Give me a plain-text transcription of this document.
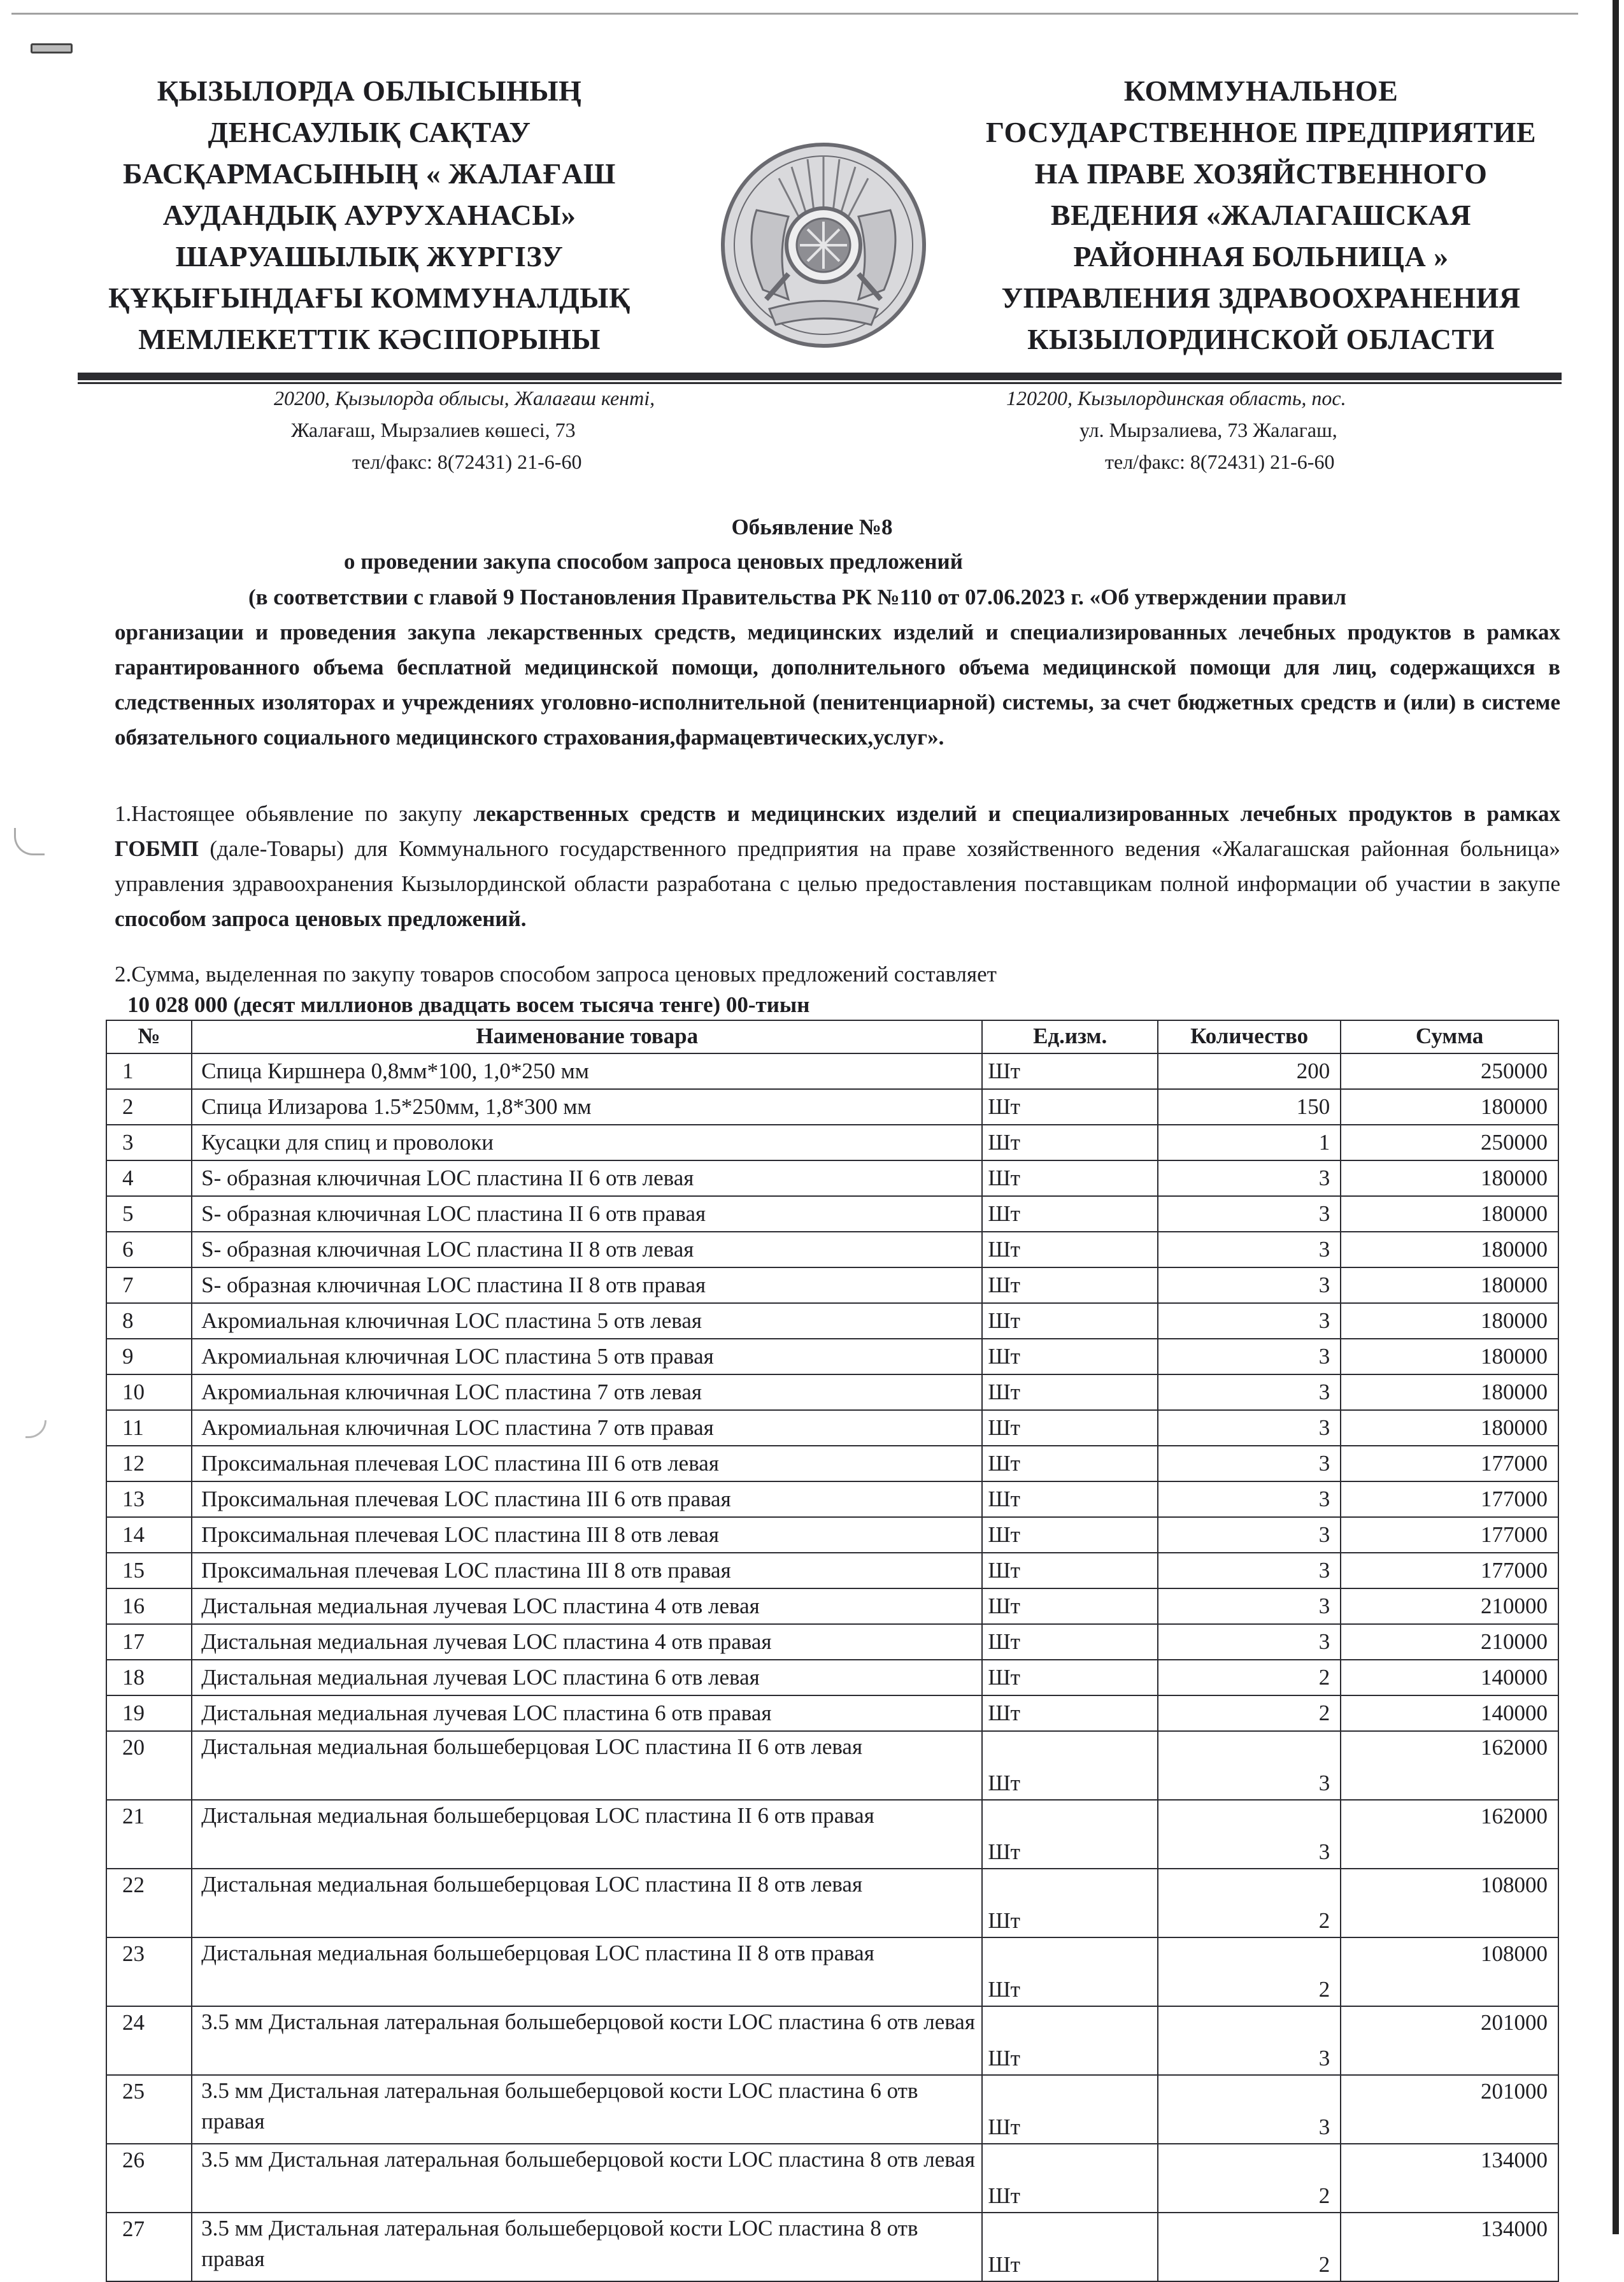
ҚЫЗЫЛОРДА ОБЛЫСЫНЫҢ
ДЕНСАУЛЫҚ САҚТАУ
БАСҚАРМАСЫНЫҢ « ЖАЛАҒАШ
АУДАНДЫҚ АУРУХАНАСЫ»
ШАРУАШЫЛЫҚ ЖҮРГІЗУ
ҚҰҚЫҒЫНДАҒЫ КОММУНАЛДЫҚ
МЕМЛЕКЕТТІК КӘСІПОРЫНЫ
КОММУНАЛЬНОЕ
ГОСУДАРСТВЕННОЕ ПРЕДПРИЯТИЕ
НА ПРАВЕ ХОЗЯЙСТВЕННОГО
ВЕДЕНИЯ «ЖАЛАГАШСКАЯ
РАЙОННАЯ БОЛЬНИЦА »
УПРАВЛЕНИЯ ЗДРАВООХРАНЕНИЯ
КЫЗЫЛОРДИНСКОЙ ОБЛАСТИ
20200, Қызылорда облысы, Жалағаш кенті,
Жалағаш, Мырзалиев көшесі, 73
тел/факс: 8(72431) 21-6-60
120200, Кызылординская область, пос.
ул. Мырзалиева, 73 Жалагаш,
тел/факс: 8(72431) 21-6-60
Обьявление №8
о проведении закупа способом запроса ценовых предложений
(в соответствии с главой 9 Постановления Правительства РК №110 от 07.06.2023 г. «Об утверждении правил
организации и проведения закупа лекарственных средств, медицинских изделий и специализированных лечебных продуктов в рамках гарантированного объема бесплатной медицинской помощи, дополнительного объема медицинской помощи для лиц, содержащихся в следственных изоляторах и учреждениях уголовно-исполнительной (пенитенциарной) системы, за счет бюджетных средств и (или) в системе обязательного социального медицинского страхования,фармацевтических,услуг».
1.Настоящее обьявление по закупу лекарственных средств и медицинских изделий и специализированных лечебных продуктов в рамках ГОБМП (дале-Товары) для Коммунального государственного предприятия на праве хозяйственного ведения «Жалагашская районная больница» управления здравоохранения Кызылординской области разработана с целью предоставления поставщикам полной информации об участии в закупе способом запроса ценовых предложений.
2.Сумма, выделенная по закупу товаров способом запроса ценовых предложений составляет
10 028 000 (десят миллионов двадцать восем тысяча тенге) 00-тиын
№	Наименование товара	Ед.изм.	Количество	Сумма
1	Спица Киршнера 0,8мм*100, 1,0*250 мм	Шт	200	250000
2	Спица Илизарова 1.5*250мм, 1,8*300 мм	Шт	150	180000
3	Кусацки для спиц и проволоки	Шт	1	250000
4	S- образная ключичная LOC пластина II 6 отв левая	Шт	3	180000
5	S- образная ключичная LOC пластина II 6 отв правая	Шт	3	180000
6	S- образная ключичная LOC пластина II 8 отв левая	Шт	3	180000
7	S- образная ключичная LOC пластина II 8 отв правая	Шт	3	180000
8	Акромиальная ключичная LOC пластина 5 отв левая	Шт	3	180000
9	Акромиальная ключичная LOC пластина 5 отв правая	Шт	3	180000
10	Акромиальная ключичная LOC пластина 7 отв левая	Шт	3	180000
11	Акромиальная ключичная LOC пластина 7 отв правая	Шт	3	180000
12	Проксимальная плечевая LOC пластина III 6 отв левая	Шт	3	177000
13	Проксимальная плечевая LOC пластина III 6 отв правая	Шт	3	177000
14	Проксимальная плечевая LOC пластина III 8 отв левая	Шт	3	177000
15	Проксимальная плечевая LOC пластина III 8 отв правая	Шт	3	177000
16	Дистальная медиальная лучевая LOC пластина 4 отв левая	Шт	3	210000
17	Дистальная медиальная лучевая LOC пластина 4 отв правая	Шт	3	210000
18	Дистальная медиальная лучевая LOC пластина 6 отв левая	Шт	2	140000
19	Дистальная медиальная лучевая LOC пластина 6 отв правая	Шт	2	140000
20	Дистальная медиальная большеберцовая LOC пластина II 6 отв левая	Шт	3	162000
21	Дистальная медиальная большеберцовая LOC пластина II 6 отв правая	Шт	3	162000
22	Дистальная медиальная большеберцовая LOC пластина II 8 отв левая	Шт	2	108000
23	Дистальная медиальная большеберцовая LOC пластина II 8 отв правая	Шт	2	108000
24	3.5 мм Дистальная латеральная большеберцовой кости LOC пластина 6 отв левая	Шт	3	201000
25	3.5 мм Дистальная латеральная большеберцовой кости LOC пластина 6 отв правая	Шт	3	201000
26	3.5 мм Дистальная латеральная большеберцовой кости LOC пластина 8 отв левая	Шт	2	134000
27	3.5 мм Дистальная латеральная большеберцовой кости LOC пластина 8 отв правая	Шт	2	134000
